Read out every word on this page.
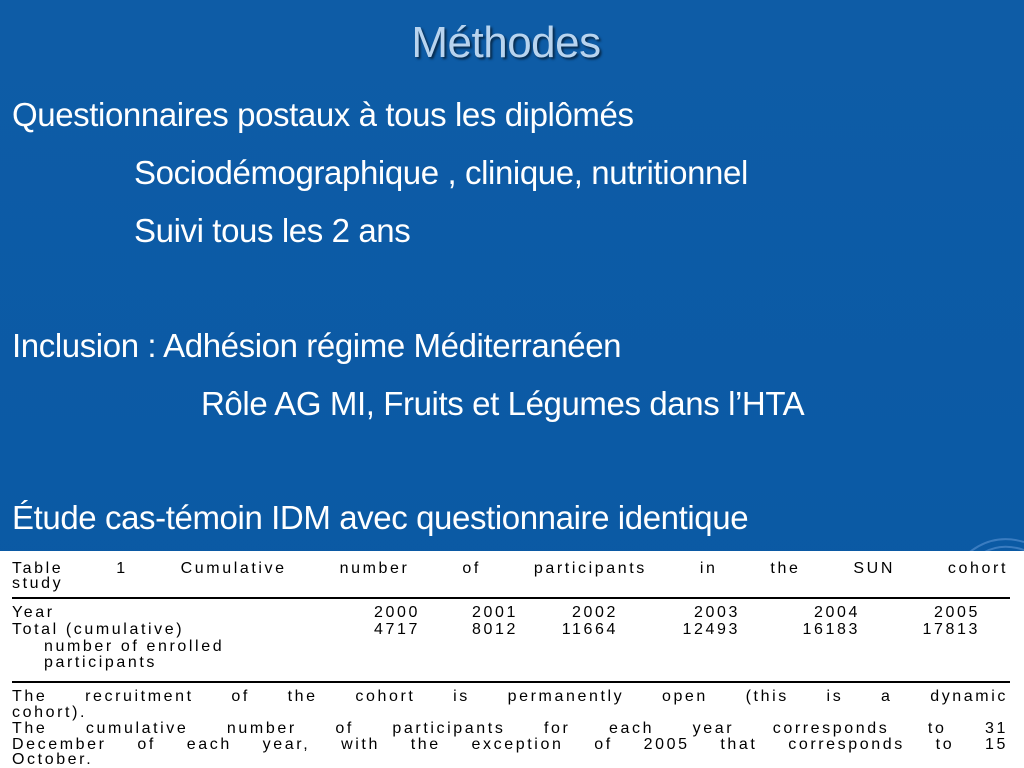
Méthodes
Questionnaires postaux à tous les diplômés
Sociodémographique , clinique, nutritionnel
Suivi tous les 2 ans
Inclusion : Adhésion régime Méditerranéen
Rôle AG MI, Fruits et Légumes dans l’HTA
Étude cas-témoin IDM avec questionnaire identique
Table 1 Cumulative number of participants in the SUN cohort
study
Year	2000	2001	2002	2003	2004	2005
Total (cumulative)	4717	8012	11664	12493	16183	17813
number of enrolled
participants
The recruitment of the cohort is permanently open (this is a dynamic
cohort).
The cumulative number of participants for each year corresponds to 31
December of each year, with the exception of 2005 that corresponds to 15
October.
